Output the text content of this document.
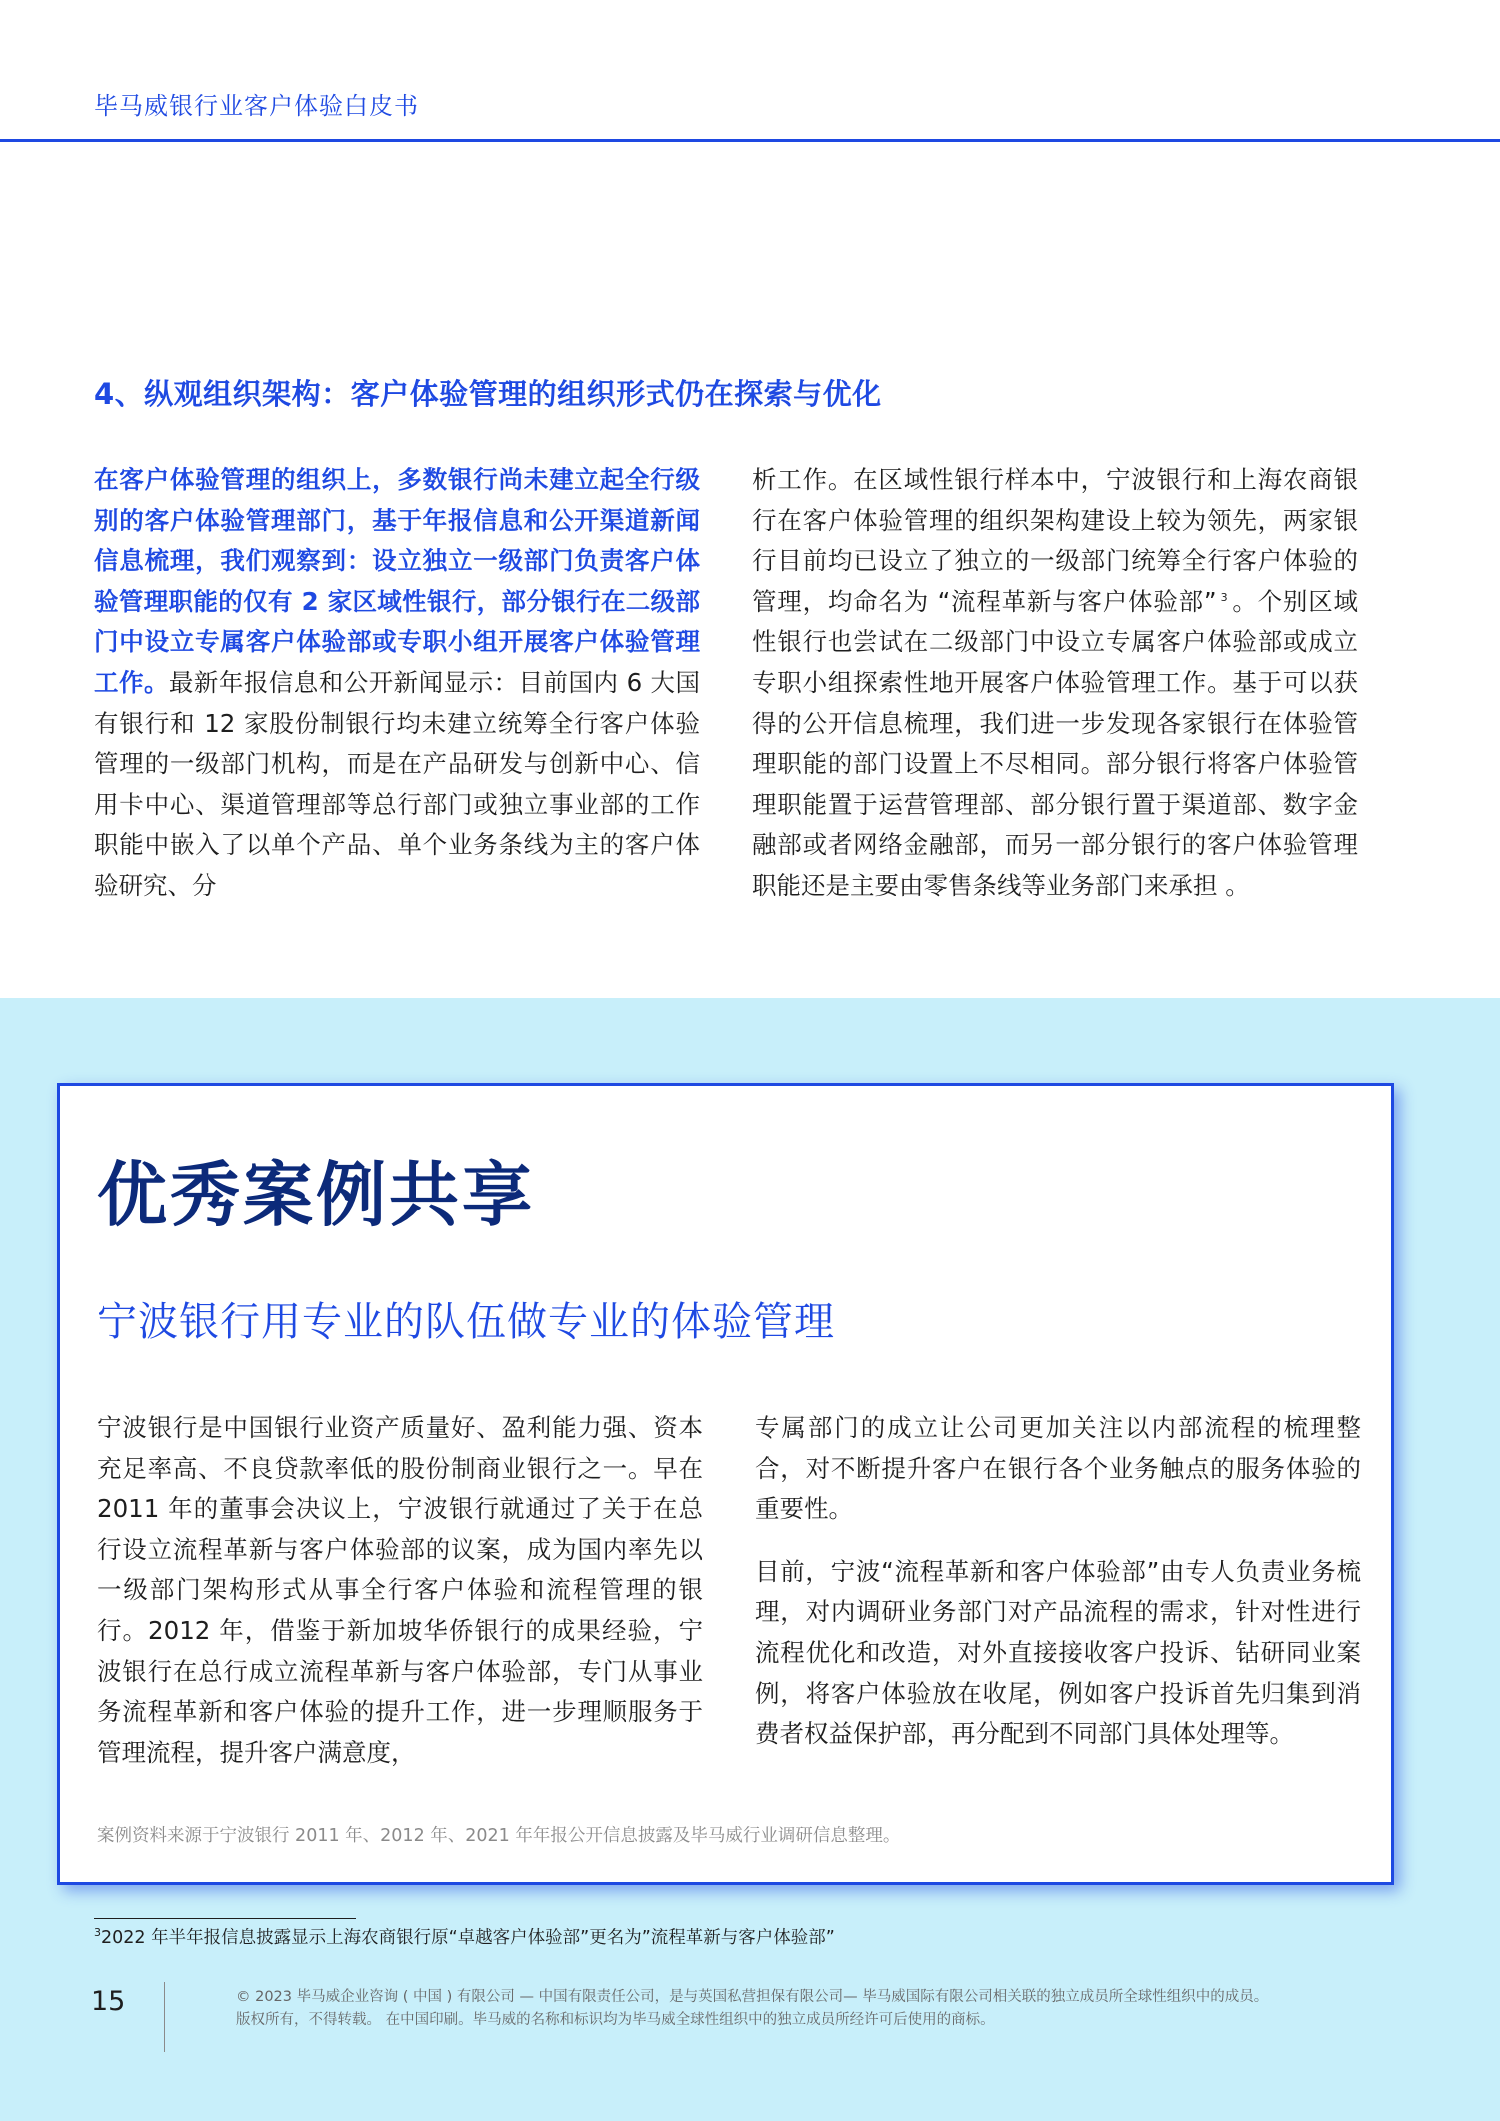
毕马威银行业客户体验白皮书
4、纵观组织架构：客户体验管理的组织形式仍在探索与优化
在客户体验管理的组织上，多数银行尚未建立起全行级别的客户体验管理部门，基于年报信息和公开渠道新闻信息梳理，我们观察到：设立独立一级部门负责客户体验管理职能的仅有 2 家区域性银行，部分银行在二级部门中设立专属客户体验部或专职小组开展客户体验管理工作。最新年报信息和公开新闻显示：目前国内 6 大国有银行和 12 家股份制银行均未建立统筹全行客户体验管理的一级部门机构，而是在产品研发与创新中心、信用卡中心、渠道管理部等总行部门或独立事业部的工作职能中嵌入了以单个产品、单个业务条线为主的客户体验研究、分
析工作。在区域性银行样本中，宁波银行和上海农商银行在客户体验管理的组织架构建设上较为领先，两家银行目前均已设立了独立的一级部门统筹全行客户体验的管理，均命名为 “流程革新与客户体验部” $^3$ 。个别区域性银行也尝试在二级部门中设立专属客户体验部或成立专职小组探索性地开展客户体验管理工作。基于可以获得的公开信息梳理，我们进一步发现各家银行在体验管理职能的部门设置上不尽相同。部分银行将客户体验管理职能置于运营管理部、部分银行置于渠道部、数字金融部或者网络金融部，而另一部分银行的客户体验管理职能还是主要由零售条线等业务部门来承担 。
优秀案例共享
宁波银行用专业的队伍做专业的体验管理
宁波银行是中国银行业资产质量好、盈利能力强、资本充足率高、不良贷款率低的股份制商业银行之一。早在 2011 年的董事会决议上，宁波银行就通过了关于在总行设立流程革新与客户体验部的议案，成为国内率先以一级部门架构形式从事全行客户体验和流程管理的银行。2012 年，借鉴于新加坡华侨银行的成果经验，宁波银行在总行成立流程革新与客户体验部，专门从事业务流程革新和客户体验的提升工作，进一步理顺服务于管理流程，提升客户满意度，

专属部门的成立让公司更加关注以内部流程的梳理整合，对不断提升客户在银行各个业务触点的服务体验的重要性。

目前，宁波“流程革新和客户体验部”由专人负责业务梳理，对内调研业务部门对产品流程的需求，针对性进行流程优化和改造，对外直接接收客户投诉、钻研同业案例，将客户体验放在收尾，例如客户投诉首先归集到消费者权益保护部，再分配到不同部门具体处理等。

案例资料来源于宁波银行 2011 年、2012 年、2021 年年报公开信息披露及毕马威行业调研信息整理。
$^3$2022 年半年报信息披露显示上海农商银行原“卓越客户体验部”更名为”流程革新与客户体验部”
15	© 2023 毕马威企业咨询 ( 中国 ) 有限公司 — 中国有限责任公司，是与英国私营担保有限公司— 毕马威国际有限公司相关联的独立成员所全球性组织中的成员。
版权所有，不得转载。 在中国印刷。毕马威的名称和标识均为毕马威全球性组织中的独立成员所经许可后使用的商标。
